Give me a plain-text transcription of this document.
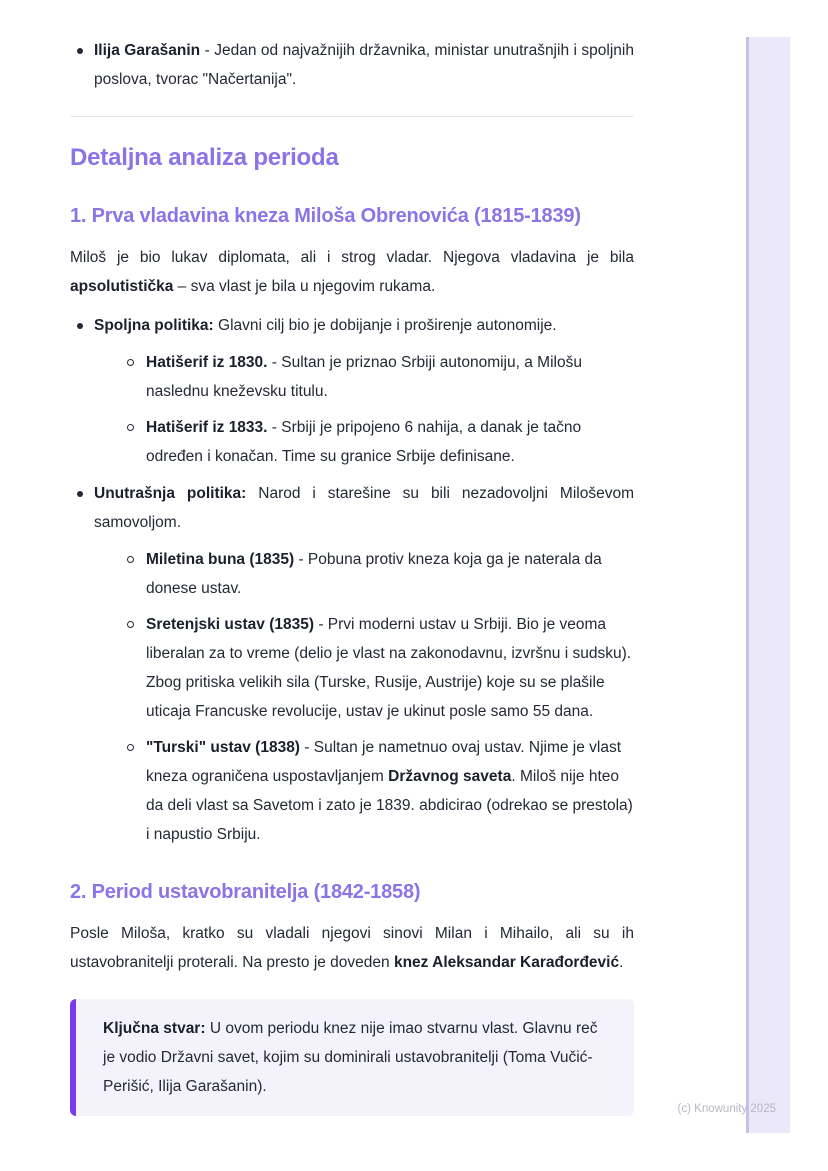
Ilija Garašanin - Jedan od najvažnijih državnika, ministar unutrašnjih i spoljnih poslova, tvorac "Načertanija".
Detaljna analiza perioda
1. Prva vladavina kneza Miloša Obrenovića (1815-1839)

Miloš je bio lukav diplomata, ali i strog vladar. Njegova vladavina je bila apsolutistička – sva vlast je bila u njegovim rukama.

Spoljna politika: Glavni cilj bio je dobijanje i proširenje autonomije.
Hatišerif iz 1830. - Sultan je priznao Srbiji autonomiju, a Milošu naslednu kneževsku titulu.
Hatišerif iz 1833. - Srbiji je pripojeno 6 nahija, a danak je tačno određen i konačan. Time su granice Srbije definisane.
Unutrašnja politika: Narod i starešine su bili nezadovoljni Miloševom samovoljom.
Miletina buna (1835) - Pobuna protiv kneza koja ga je naterala da donese ustav.
Sretenjski ustav (1835) - Prvi moderni ustav u Srbiji. Bio je veoma liberalan za to vreme (delio je vlast na zakonodavnu, izvršnu i sudsku). Zbog pritiska velikih sila (Turske, Rusije, Austrije) koje su se plašile uticaja Francuske revolucije, ustav je ukinut posle samo 55 dana.
"Turski" ustav (1838) - Sultan je nametnuo ovaj ustav. Njime je vlast kneza ograničena uspostavljanjem Državnog saveta. Miloš nije hteo da deli vlast sa Savetom i zato je 1839. abdicirao (odrekao se prestola) i napustio Srbiju.
2. Period ustavobranitelja (1842-1858)

Posle Miloša, kratko su vladali njegovi sinovi Milan i Mihailo, ali su ih ustavobranitelji proterali. Na presto je doveden knez Aleksandar Karađorđević.

Ključna stvar: U ovom periodu knez nije imao stvarnu vlast. Glavnu reč je vodio Državni savet, kojim su dominirali ustavobranitelji (Toma Vučić-Perišić, Ilija Garašanin).

(c) Knowunity 2025
